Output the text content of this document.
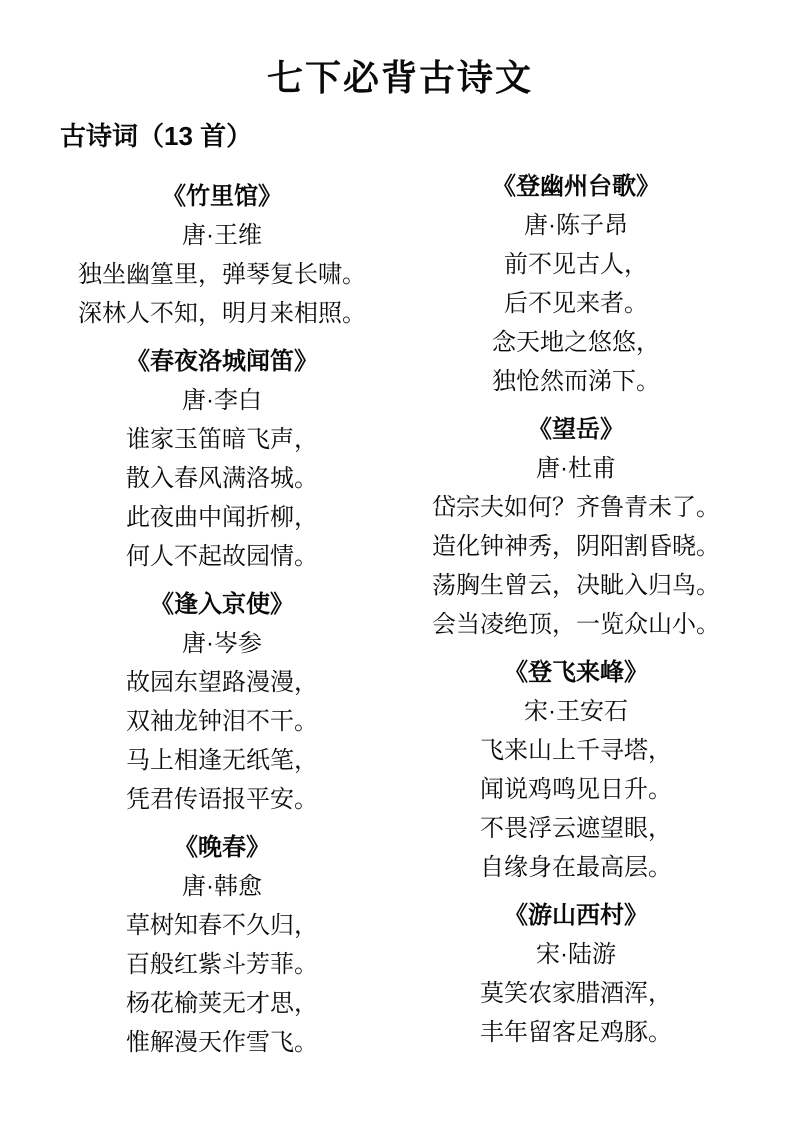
七下必背古诗文
古诗词（13 首）
《竹里馆》

唐·王维

独坐幽篁里，弹琴复长啸。

深林人不知，明月来相照。

《春夜洛城闻笛》

唐·李白

谁家玉笛暗飞声，

散入春风满洛城。

此夜曲中闻折柳，

何人不起故园情。

《逢入京使》

唐·岑参

故园东望路漫漫，

双袖龙钟泪不干。

马上相逢无纸笔，

凭君传语报平安。

《晚春》

唐·韩愈

草树知春不久归，

百般红紫斗芳菲。

杨花榆荚无才思，

惟解漫天作雪飞。

《登幽州台歌》

唐·陈子昂

前不见古人，

后不见来者。

念天地之悠悠，

独怆然而涕下。

《望岳》

唐·杜甫

岱宗夫如何？齐鲁青未了。

造化钟神秀，阴阳割昏晓。

荡胸生曾云，决眦入归鸟。

会当凌绝顶，一览众山小。

《登飞来峰》

宋·王安石

飞来山上千寻塔，

闻说鸡鸣见日升。

不畏浮云遮望眼，

自缘身在最高层。

《游山西村》

宋·陆游

莫笑农家腊酒浑，

丰年留客足鸡豚。
